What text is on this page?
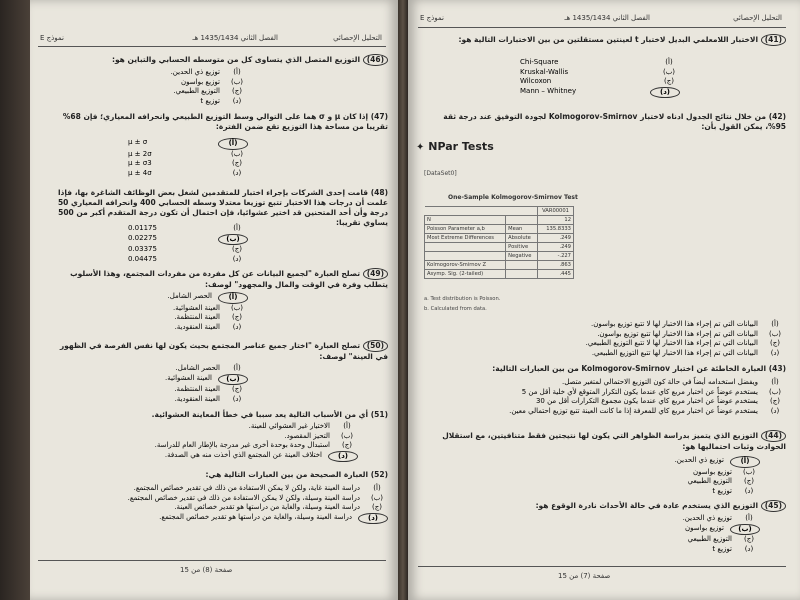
التحليل الإحصائي
الفصل الثاني 1435/1434 هـ
نموذج E
(41) الاختبار اللامعلمي البديل لاختبار t لعينتين مستقلتين من بين الاختبارات التالية هو:
(أ)
Chi-Square
(ب)
Kruskal-Wallis
(ج)
Wilcoxon
(د)
Mann – Whitney
(42) من خلال نتائج الجدول ادناه لاختبار Kolmogorov-Smirnov لجودة التوفيق عند درجة ثقة 95%، يمكن القول بأن:
✦ NPar Tests
[DataSet0]
One-Sample Kolmogorov-Smirnov Test
		VAR00001
N		12
Poisson Parameter a,b	Mean	135.8333
Most Extreme Differences	Absolute	.249
	Positive	.249
	Negative	-.227
Kolmogorov-Smirnov Z		.863
Asymp. Sig. (2-tailed)		.445
a. Test distribution is Poisson.
b. Calculated from data.
(أ)
البيانات التي تم إجراء هذا الاختبار لها لا تتبع توزيع بواسون.
(ب)
البيانات التي تم إجراء هذا الاختبار لها تتبع توزيع بواسون.
(ج)
البيانات التي تم إجراء هذا الاختبار لها لا تتبع التوزيع الطبيعي.
(د)
البيانات التي تم إجراء هذا الاختبار لها تتبع التوزيع الطبيعي.
(43) العبارة الخاطئة عن اختبار Kolmogorov-Smirnov من بين العبارات التالية:
(أ)
ويفضل استخدامه أيضاً في حالة كون التوزيع الاحتمالي لمتغير متصل.
(ب)
يستخدم عوضاً عن اختبار مربع كاي عندما يكون التكرار المتوقع لأي خلية أقل من 5
(ج)
يستخدم عوضاً عن اختبار مربع كاي عندما يكون مجموع التكرارات أقل من 30
(د)
يستخدم عوضاً عن اختبار مربع كاي للمعرفة إذا ما كانت العينة تتبع توزيع احتمالي معين.
(44) التوزيع الذي يتميز بدراسة الظواهر التي يكون لها نتيجتين فقط متنافيتين، مع استقلال الحوادث وثبات احتماليها هو:
(أ)
توزيع ذي الحدين.
(ب)
توزيع بواسون
(ج)
التوزيع الطبيعي
(د)
توزيع t
(45) التوزيع الذي يستخدم عادة في حالة الأحداث نادرة الوقوع هو:
(أ)
توزيع ذي الحدين.
(ب)
توزيع بواسون
(ج)
التوزيع الطبيعي
(د)
توزيع t
صفحة (7) من 15
التحليل الإحصائي
الفصل الثاني 1435/1434 هـ
نموذج E
(46) التوزيع المتصل الذي يتساوى كل من متوسطه الحسابي والتباين هو:
(أ)
توزيع ذي الحدين.
(ب)
توزيع بواسون
(ج)
التوزيع الطبيعي.
(د)
توزيع t
(47) إذا كان μ و σ هما على التوالي وسط التوزيع الطبيعي وانحرافه المعياري؛ فإن 68% تقريبا من مساحة هذا التوزيع تقع ضمن الفترة:
(أ)
μ ± σ
(ب)
μ ± 2σ
(ج)
μ ± σ3
(د)
μ ± 4σ
(48) قامت إحدى الشركات بإجراء اختبار للمتقدمين لشغل بعض الوظائف الشاغرة بها، فإذا علمت أن درجات هذا الاختبار تتبع توزيعا معتدلا وسطه الحسابي 400 وانحرافه المعياري 50 درجة وأن أحد المتحنين قد اختير عشوائيا، فإن احتمال أن تكون درجة المتقدم أكبر من 500 يساوي تقريبا:
(أ)
0.01175
(ب)
0.02275
(ج)
0.03375
(د)
0.04475
(49) تصلح العبارة "لجميع البيانات عن كل مفردة من مفردات المجتمع، وهذا الأسلوب يتطلب وفرة في الوقت والمال والمجهود" لوصف:
(أ)
الحصر الشامل.
(ب)
العينة العشوائية.
(ج)
العينة المنتظمة.
(د)
العينة العنقودية.
(50) تصلح العبارة "اختار جميع عناصر المجتمع بحيث يكون لها نفس الفرصة في الظهور في العينة" لوصف:
(أ)
الحصر الشامل.
(ب)
العينة العشوائية.
(ج)
العينة المنتظمة.
(د)
العينة العنقودية.
(51) أي من الأسباب التالية يعد سببا في خطأ المعاينة العشوائية.
(أ)
الاختيار غير العشوائي للعينة.
(ب)
التحيز المقصود.
(ج)
استبدال وحدة بوحدة أخرى غير مدرجة بالإطار العام للدراسة.
(د)
اختلاف العينة عن المجتمع الذي أخذت منه هي الصدفة.
(52) العبارة الصحيحة من بين العبارات التالية هي:
(أ)
دراسة العينة غاية، ولكن لا يمكن الاستفادة من ذلك في تقدير خصائص المجتمع.
(ب)
دراسة العينة وسيلة، ولكن لا يمكن الاستفادة من ذلك في تقدير خصائص المجتمع.
(ج)
دراسة العينة وسيلة، والغاية من دراستها هو تقدير خصائص العينة.
(د)
دراسة العينة وسيلة، والغاية من دراستها هو تقدير خصائص المجتمع.
صفحة (8) من 15
